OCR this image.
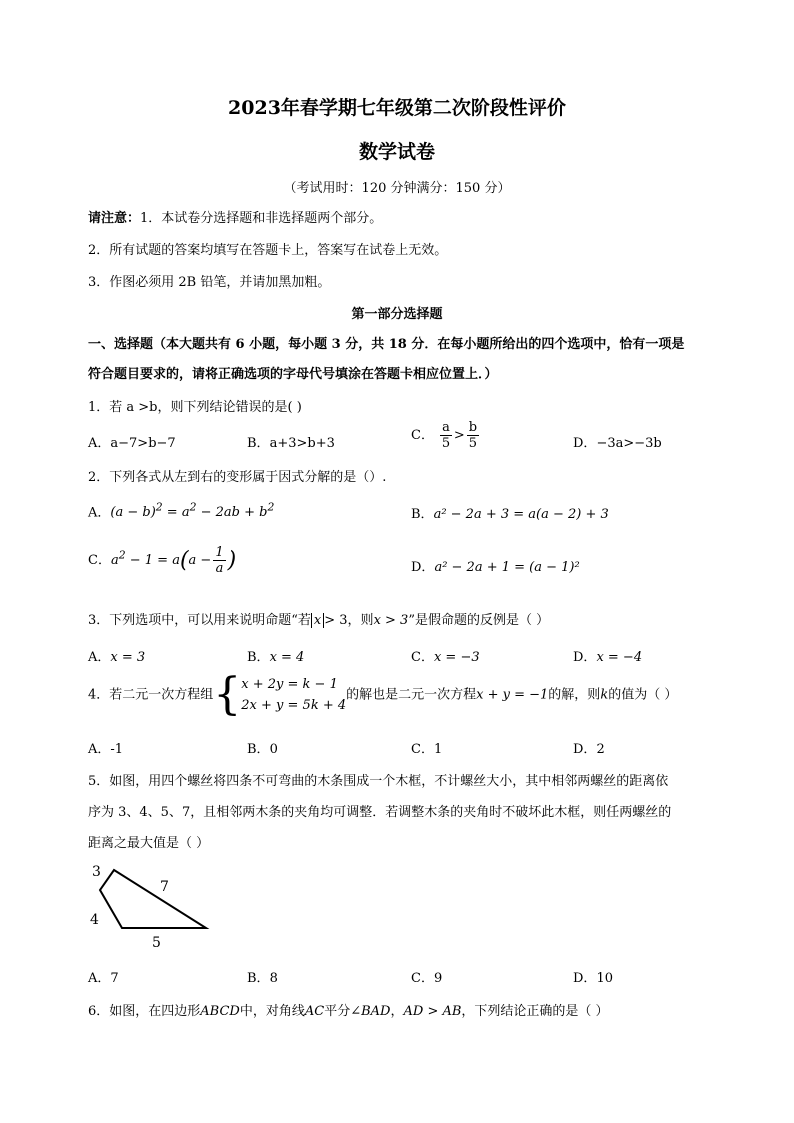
2023年春学期七年级第二次阶段性评价
数学试卷
（考试用时：120 分钟满分：150 分）
请注意：1．本试卷分选择题和非选择题两个部分。
2．所有试题的答案均填写在答题卡上，答案写在试卷上无效。
3．作图必须用 2B 铅笔，并请加黑加粗。
第一部分选择题
一、选择题（本大题共有 6 小题，每小题 3 分，共 18 分．在每小题所给出的四个选项中，恰有一项是
符合题目要求的，请将正确选项的字母代号填涂在答题卡相应位置上．）
1．若 a >b，则下列结论错误的是( )
A．a−7>b−7	B．a+3>b+3
C． $\frac{a}{5} > \frac{b}{5}$	D．−3a>−3b
2．下列各式从左到右的变形属于因式分解的是（）.
A．$(a - b)^2 = a^2 - 2ab + b^2$	B．a² − 2a + 3 = a(a − 2) + 3
C．$a^2 - 1 = a(a - \frac{1}{a}$ )	D．a² − 2a + 1 = (a − 1)²
3．下列选项中，可以用来说明命题“若 x > 3，则x > 3”是假命题的反例是（ ）
A．x = 3	B．x = 4	C．x = −3	D．x = −4
4．若二元一次方程组{ x + 2y = k − 1
2x + y = 5k + 4
的解也是二元一次方程x + y = −1的解，则k的值为（ ）
A．-1	B．0	C．1	D．2
5．如图，用四个螺丝将四条不可弯曲的木条围成一个木框，不计螺丝大小，其中相邻两螺丝的距离依
序为 3、4、5、7，且相邻两木条的夹角均可调整．若调整木条的夹角时不破坏此木框，则任两螺丝的
距离之最大值是（ ）
3
7
4
5
A．7	B．8	C．9	D．10
6．如图，在四边形ABCD中，对角线AC平分∠BAD，AD > AB，下列结论正确的是（ ）
